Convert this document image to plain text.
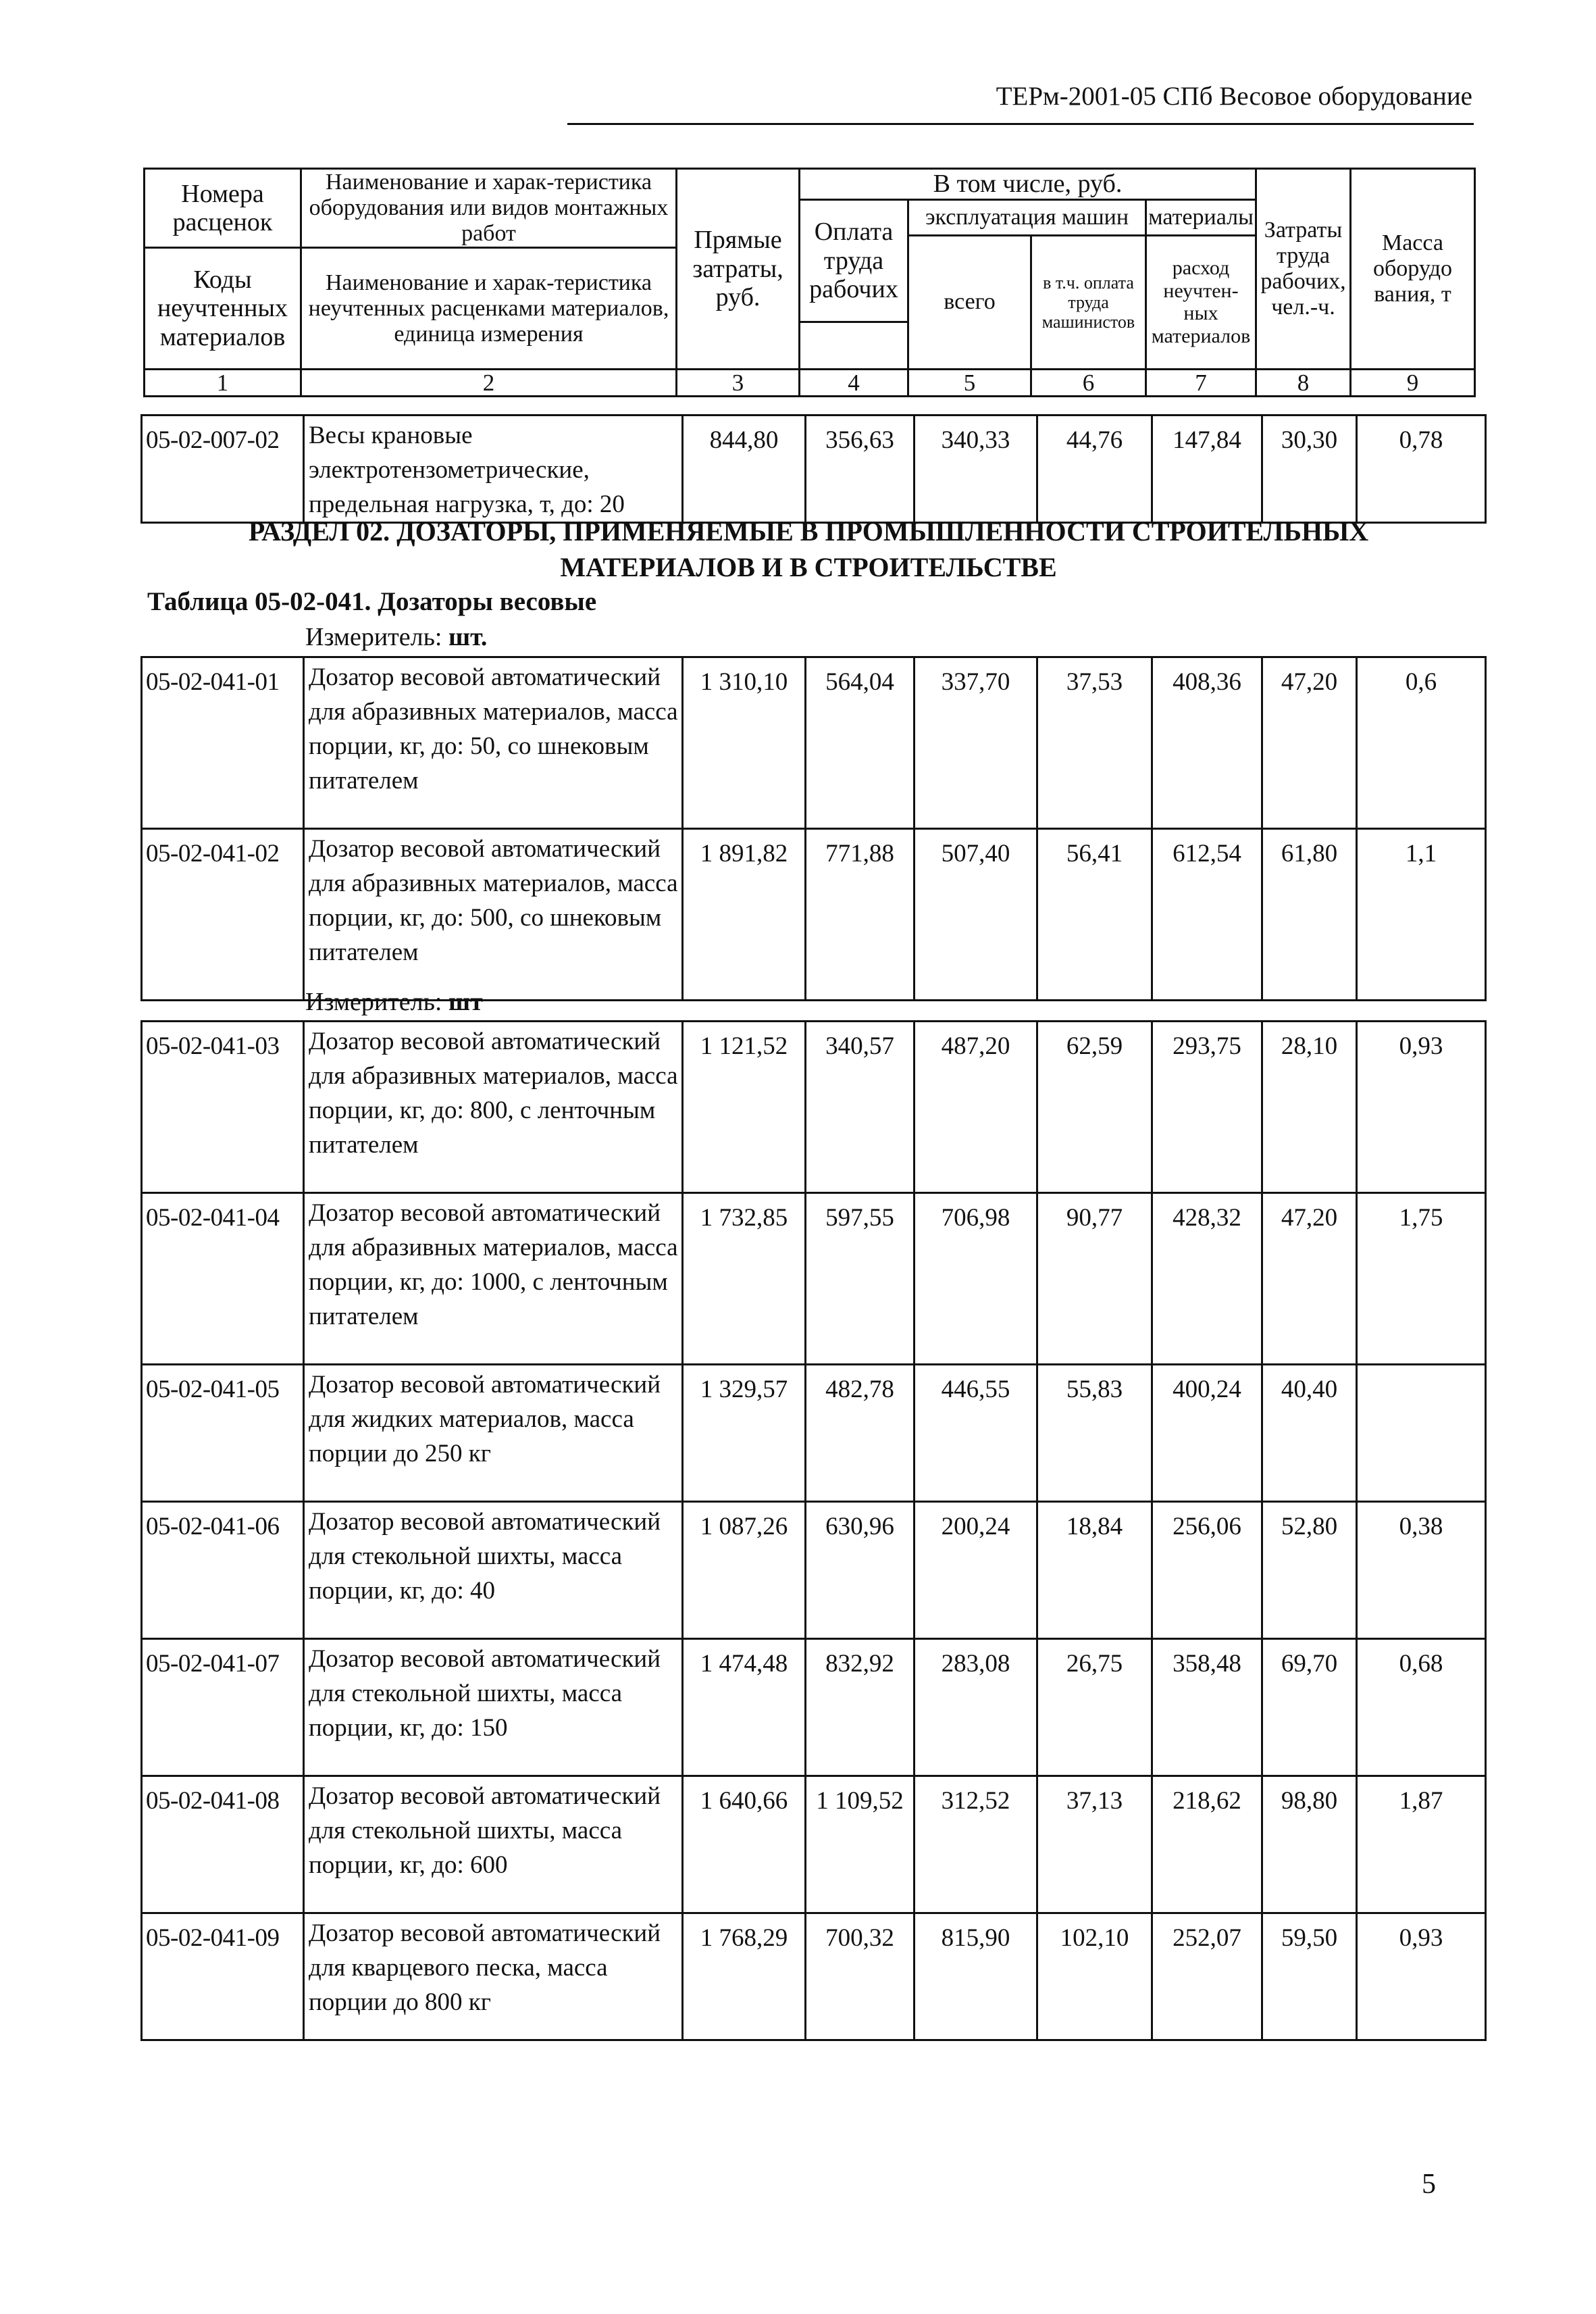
ТЕРм-2001-05 СПб Весовое оборудование
Номера расценок	Наименование и харак-теристика оборудования или видов монтажных работ	Прямые затраты, руб.	В том числе, руб.				Затраты труда рабочих, чел.-ч.	Масса оборудо вания, т
			Оплата труда рабочих	эксплуатация машин		материалы		
				всего	в т.ч. оплата труда машинистов	расход неучтен-ных материалов		
Коды неучтенных материалов	Наименование и харак-теристика неучтенных расценками материалов, единица измерения							

1	2	3	4	5	6	7	8	9
05-02-007-02	Весы крановые электротензометрические, предельная нагрузка, т, до: 20	844,80	356,63	340,33	44,76	147,84	30,30	0,78
РАЗДЕЛ 02. ДОЗАТОРЫ, ПРИМЕНЯЕМЫЕ В ПРОМЫШЛЕННОСТИ СТРОИТЕЛЬНЫХ
МАТЕРИАЛОВ И В СТРОИТЕЛЬСТВЕ
Таблица 05-02-041. Дозаторы весовые
Измеритель: шт.
05-02-041-01	Дозатор весовой автоматический для абразивных материалов, масса порции, кг, до: 50, со шнековым питателем	1 310,10	564,04	337,70	37,53	408,36	47,20	0,6
05-02-041-02	Дозатор весовой автоматический для абразивных материалов, масса порции, кг, до: 500, со шнековым питателем	1 891,82	771,88	507,40	56,41	612,54	61,80	1,1
Измеритель: шт
05-02-041-03	Дозатор весовой автоматический для абразивных материалов, масса порции, кг, до: 800, с ленточным питателем	1 121,52	340,57	487,20	62,59	293,75	28,10	0,93
05-02-041-04	Дозатор весовой автоматический для абразивных материалов, масса порции, кг, до: 1000, с ленточным питателем	1 732,85	597,55	706,98	90,77	428,32	47,20	1,75
05-02-041-05	Дозатор весовой автоматический для жидких материалов, масса порции до 250 кг	1 329,57	482,78	446,55	55,83	400,24	40,40	
05-02-041-06	Дозатор весовой автоматический для стекольной шихты, масса порции, кг, до: 40	1 087,26	630,96	200,24	18,84	256,06	52,80	0,38
05-02-041-07	Дозатор весовой автоматический для стекольной шихты, масса порции, кг, до: 150	1 474,48	832,92	283,08	26,75	358,48	69,70	0,68
05-02-041-08	Дозатор весовой автоматический для стекольной шихты, масса порции, кг, до: 600	1 640,66	1 109,52	312,52	37,13	218,62	98,80	1,87
05-02-041-09	Дозатор весовой автоматический для кварцевого песка, масса порции до 800 кг	1 768,29	700,32	815,90	102,10	252,07	59,50	0,93
5
